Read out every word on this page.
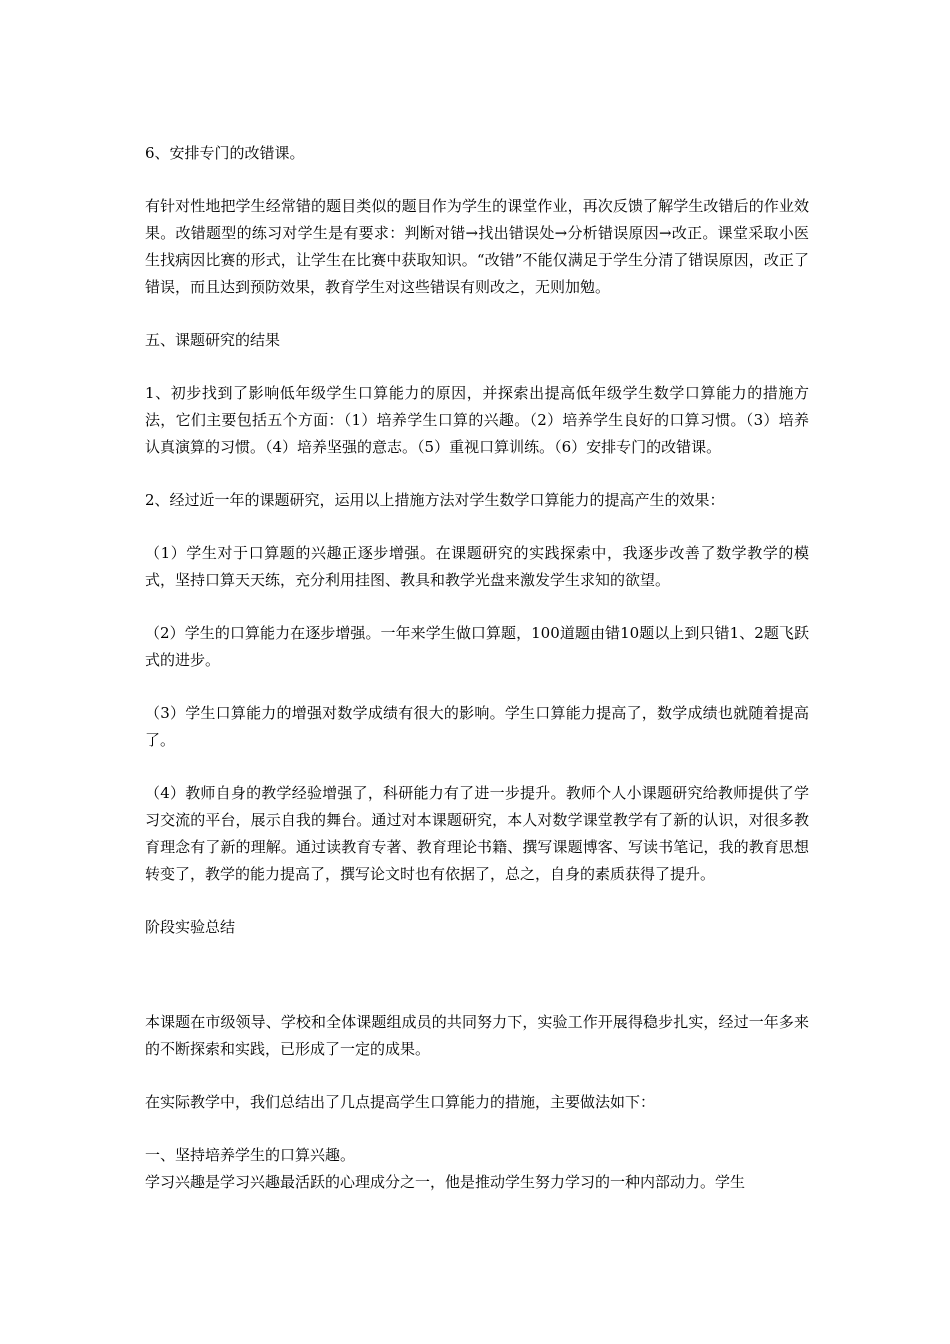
6、安排专门的改错课。

有针对性地把学生经常错的题目类似的题目作为学生的课堂作业，再次反馈了解学生改错后的作业效果。改错题型的练习对学生是有要求：判断对错→找出错误处→分析错误原因→改正。课堂采取小医生找病因比赛的形式，让学生在比赛中获取知识。“改错”不能仅满足于学生分清了错误原因，改正了错误，而且达到预防效果，教育学生对这些错误有则改之，无则加勉。

五、课题研究的结果

1、初步找到了影响低年级学生口算能力的原因，并探索出提高低年级学生数学口算能力的措施方法，它们主要包括五个方面：（1）培养学生口算的兴趣。（2）培养学生良好的口算习惯。（3）培养认真演算的习惯。（4）培养坚强的意志。（5）重视口算训练。（6）安排专门的改错课。

2、经过近一年的课题研究，运用以上措施方法对学生数学口算能力的提高产生的效果：

（1）学生对于口算题的兴趣正逐步增强。在课题研究的实践探索中，我逐步改善了数学教学的模式，坚持口算天天练，充分利用挂图、教具和教学光盘来激发学生求知的欲望。

（2）学生的口算能力在逐步增强。一年来学生做口算题，100道题由错10题以上到只错1、2题飞跃式的进步。

（3）学生口算能力的增强对数学成绩有很大的影响。学生口算能力提高了，数学成绩也就随着提高了。

（4）教师自身的教学经验增强了，科研能力有了进一步提升。教师个人小课题研究给教师提供了学习交流的平台，展示自我的舞台。通过对本课题研究，本人对数学课堂教学有了新的认识，对很多教育理念有了新的理解。通过读教育专著、教育理论书籍、撰写课题博客、写读书笔记，我的教育思想转变了，教学的能力提高了，撰写论文时也有依据了，总之，自身的素质获得了提升。

阶段实验总结

本课题在市级领导、学校和全体课题组成员的共同努力下，实验工作开展得稳步扎实，经过一年多来的不断探索和实践，已形成了一定的成果。

在实际教学中，我们总结出了几点提高学生口算能力的措施，主要做法如下：

一、坚持培养学生的口算兴趣。

学习兴趣是学习兴趣最活跃的心理成分之一，他是推动学生努力学习的一种内部动力。学生
